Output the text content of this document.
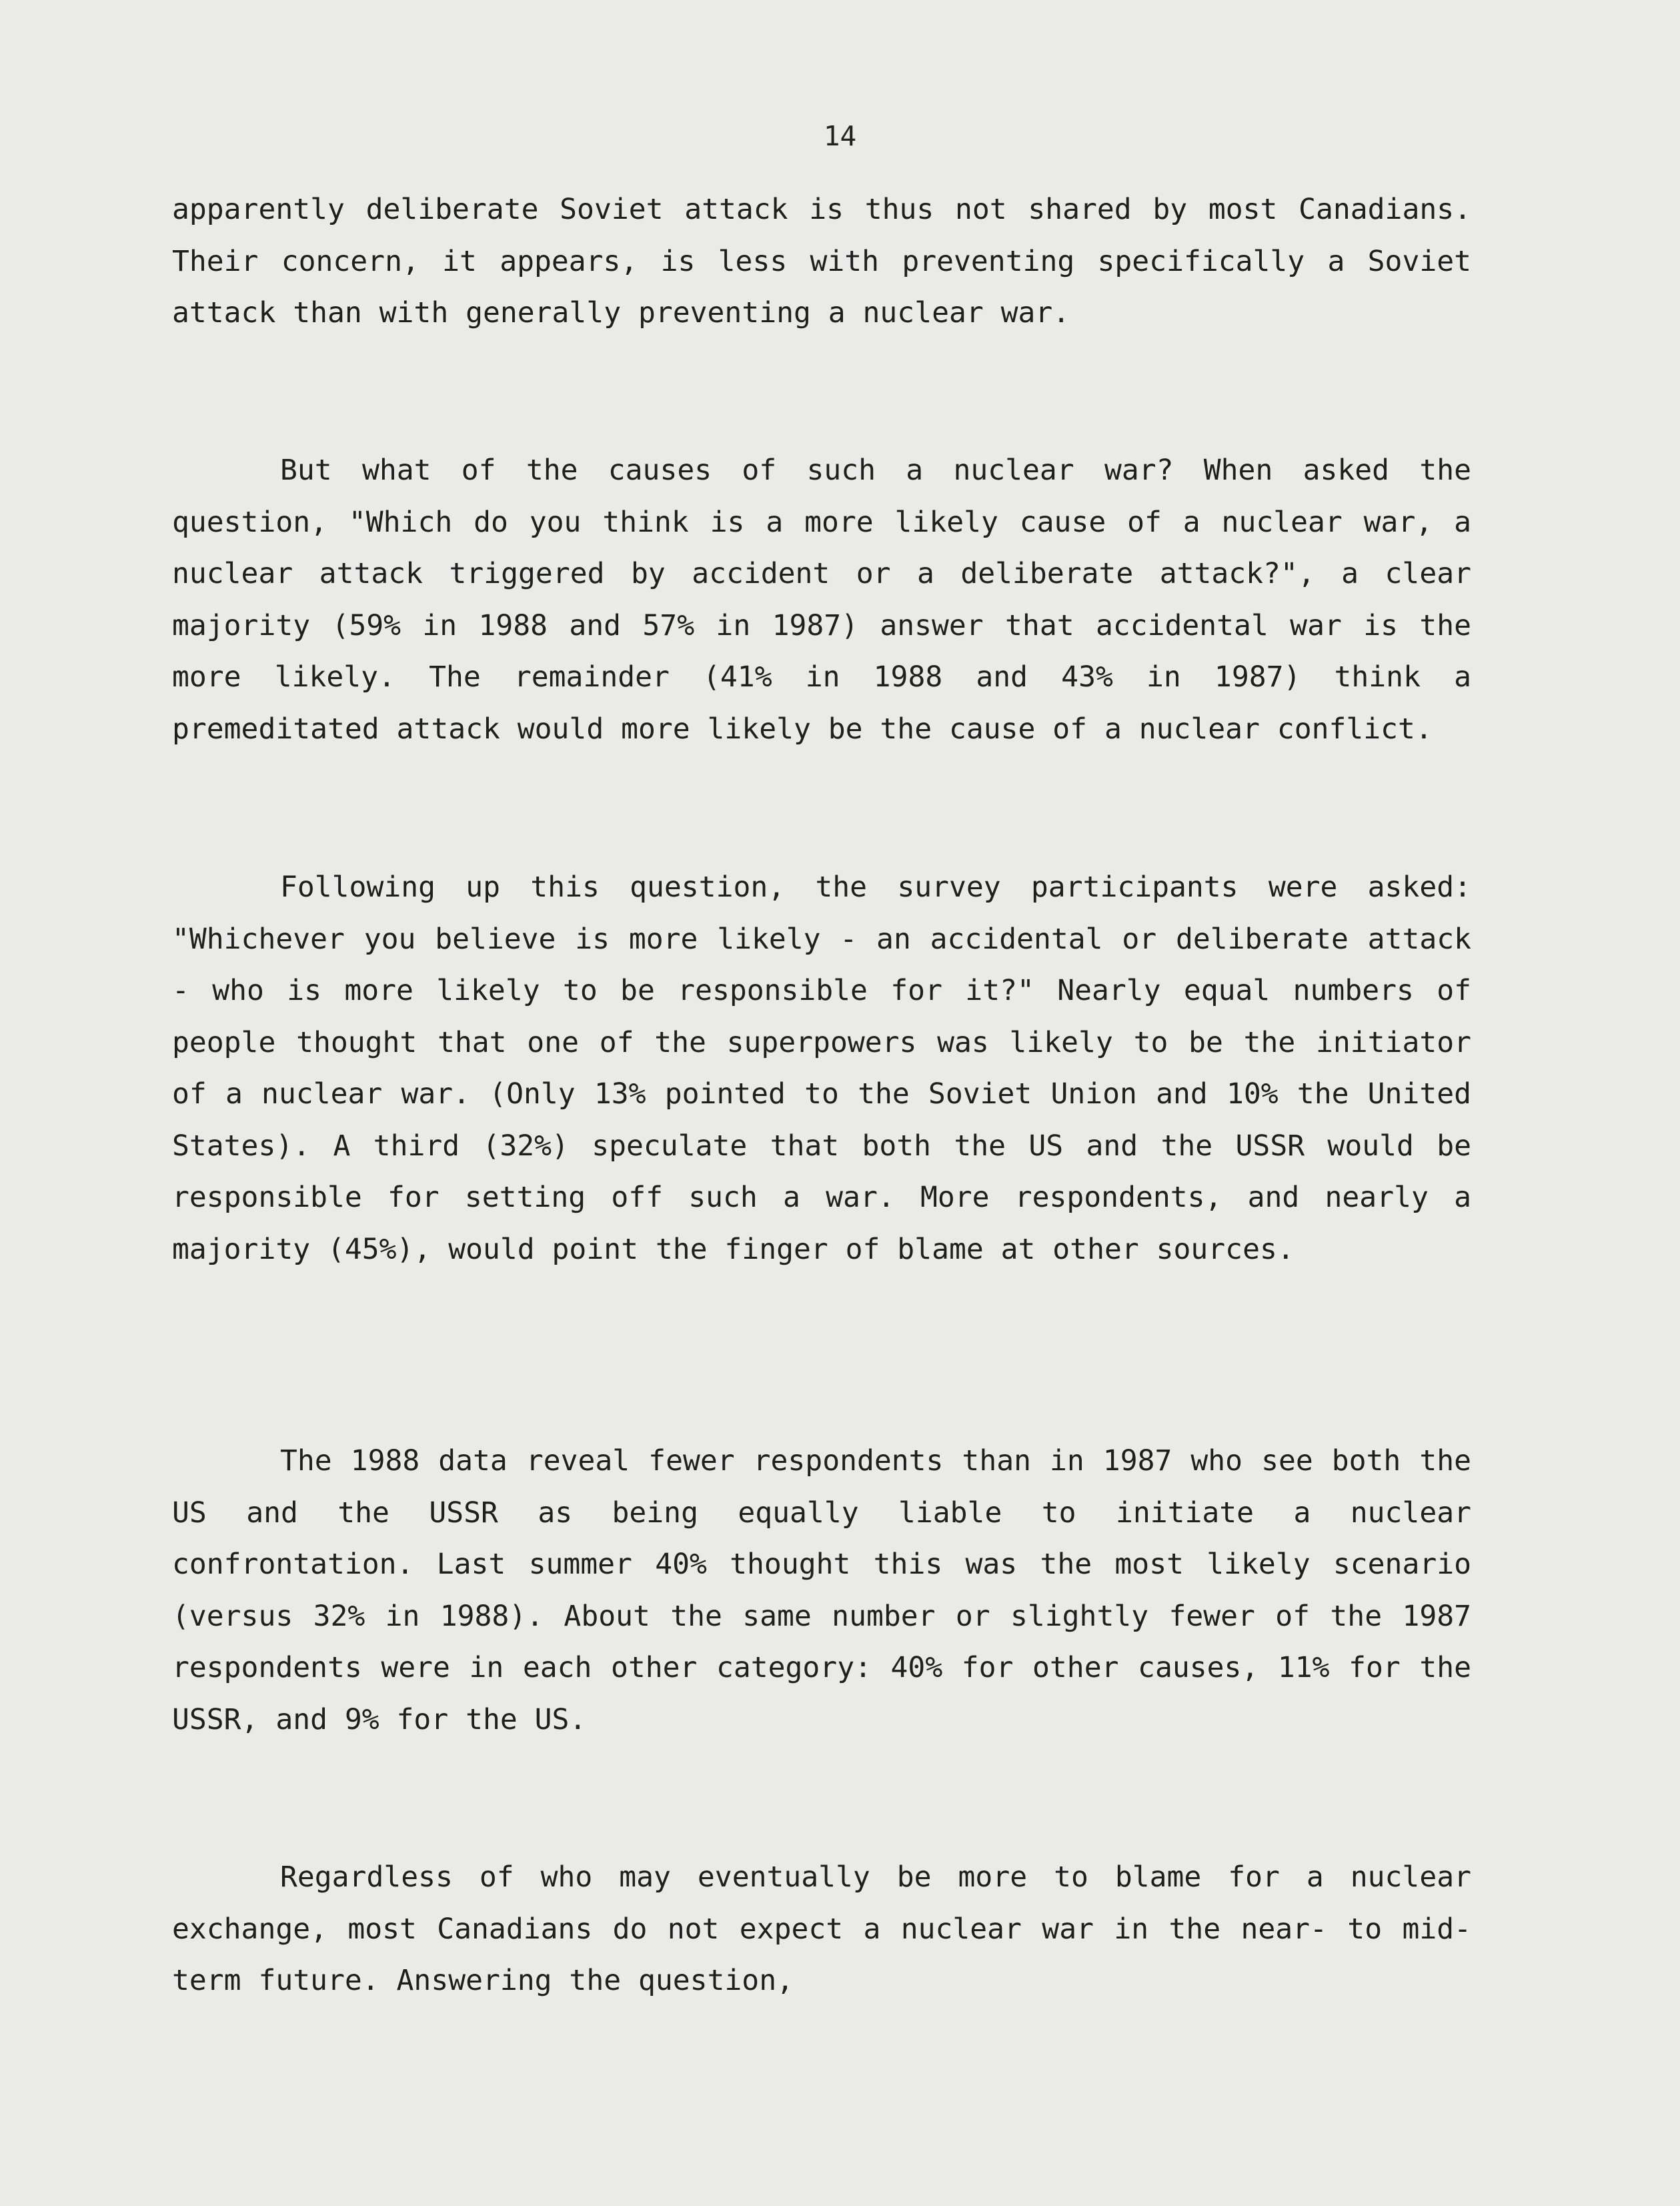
14

apparently deliberate Soviet attack is thus not shared by most Canadians. Their concern, it appears, is less with preventing specifically a Soviet attack than with generally preventing a nuclear war.

But what of the causes of such a nuclear war? When asked the question, "Which do you think is a more likely cause of a nuclear war, a nuclear attack triggered by accident or a deliberate attack?", a clear majority (59% in 1988 and 57% in 1987) answer that accidental war is the more likely. The remainder (41% in 1988 and 43% in 1987) think a premeditated attack would more likely be the cause of a nuclear conflict.

Following up this question, the survey participants were asked: "Whichever you believe is more likely - an accidental or deliberate attack - who is more likely to be responsible for it?" Nearly equal numbers of people thought that one of the superpowers was likely to be the initiator of a nuclear war. (Only 13% pointed to the Soviet Union and 10% the United States). A third (32%) speculate that both the US and the USSR would be responsible for setting off such a war. More respondents, and nearly a majority (45%), would point the finger of blame at other sources.

The 1988 data reveal fewer respondents than in 1987 who see both the US and the USSR as being equally liable to initiate a nuclear confrontation. Last summer 40% thought this was the most likely scenario (versus 32% in 1988). About the same number or slightly fewer of the 1987 respondents were in each other category: 40% for other causes, 11% for the USSR, and 9% for the US.

Regardless of who may eventually be more to blame for a nuclear exchange, most Canadians do not expect a nuclear war in the near- to mid-term future. Answering the question,
